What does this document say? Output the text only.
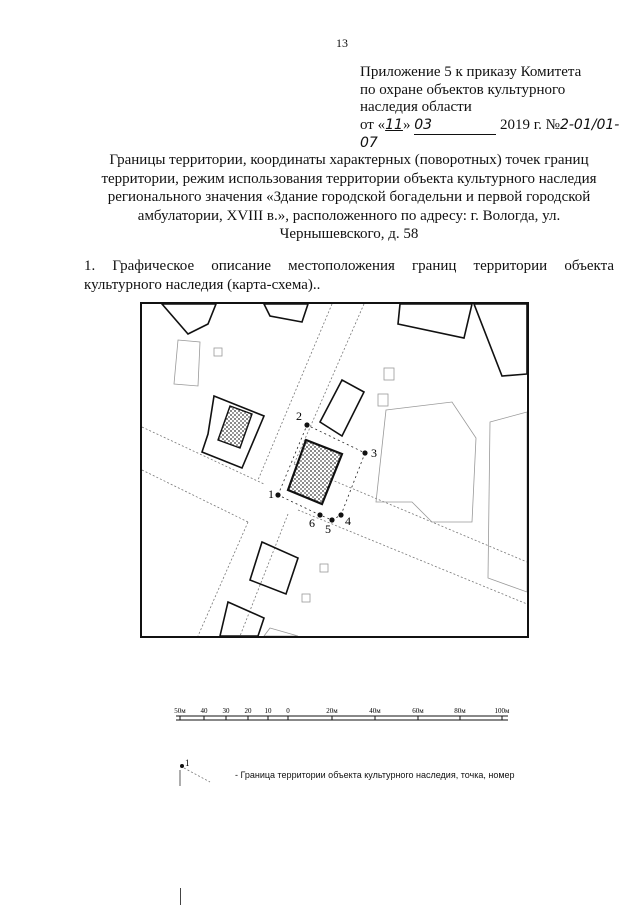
13
Приложение 5 к приказу Комитета
по охране объектов культурного
наследия области
от «11» 03	2019 г. №2-01/01-07
Границы территории, координаты характерных (поворотных) точек границ территории, режим использования территории объекта культурного наследия регионального значения «Здание городской богадельни и первой городской амбулатории, XVIII в.», расположенного по адресу: г. Вологда, ул. Чернышевского, д. 58
1. Графическое описание местоположения границ территории объекта культурного наследия (карта-схема)..
1
2
3
4
5
6
50м 40 30 20 10 0	20м	40м	60м	80м	100м
1
- Граница территории объекта культурного наследия, точка, номер
